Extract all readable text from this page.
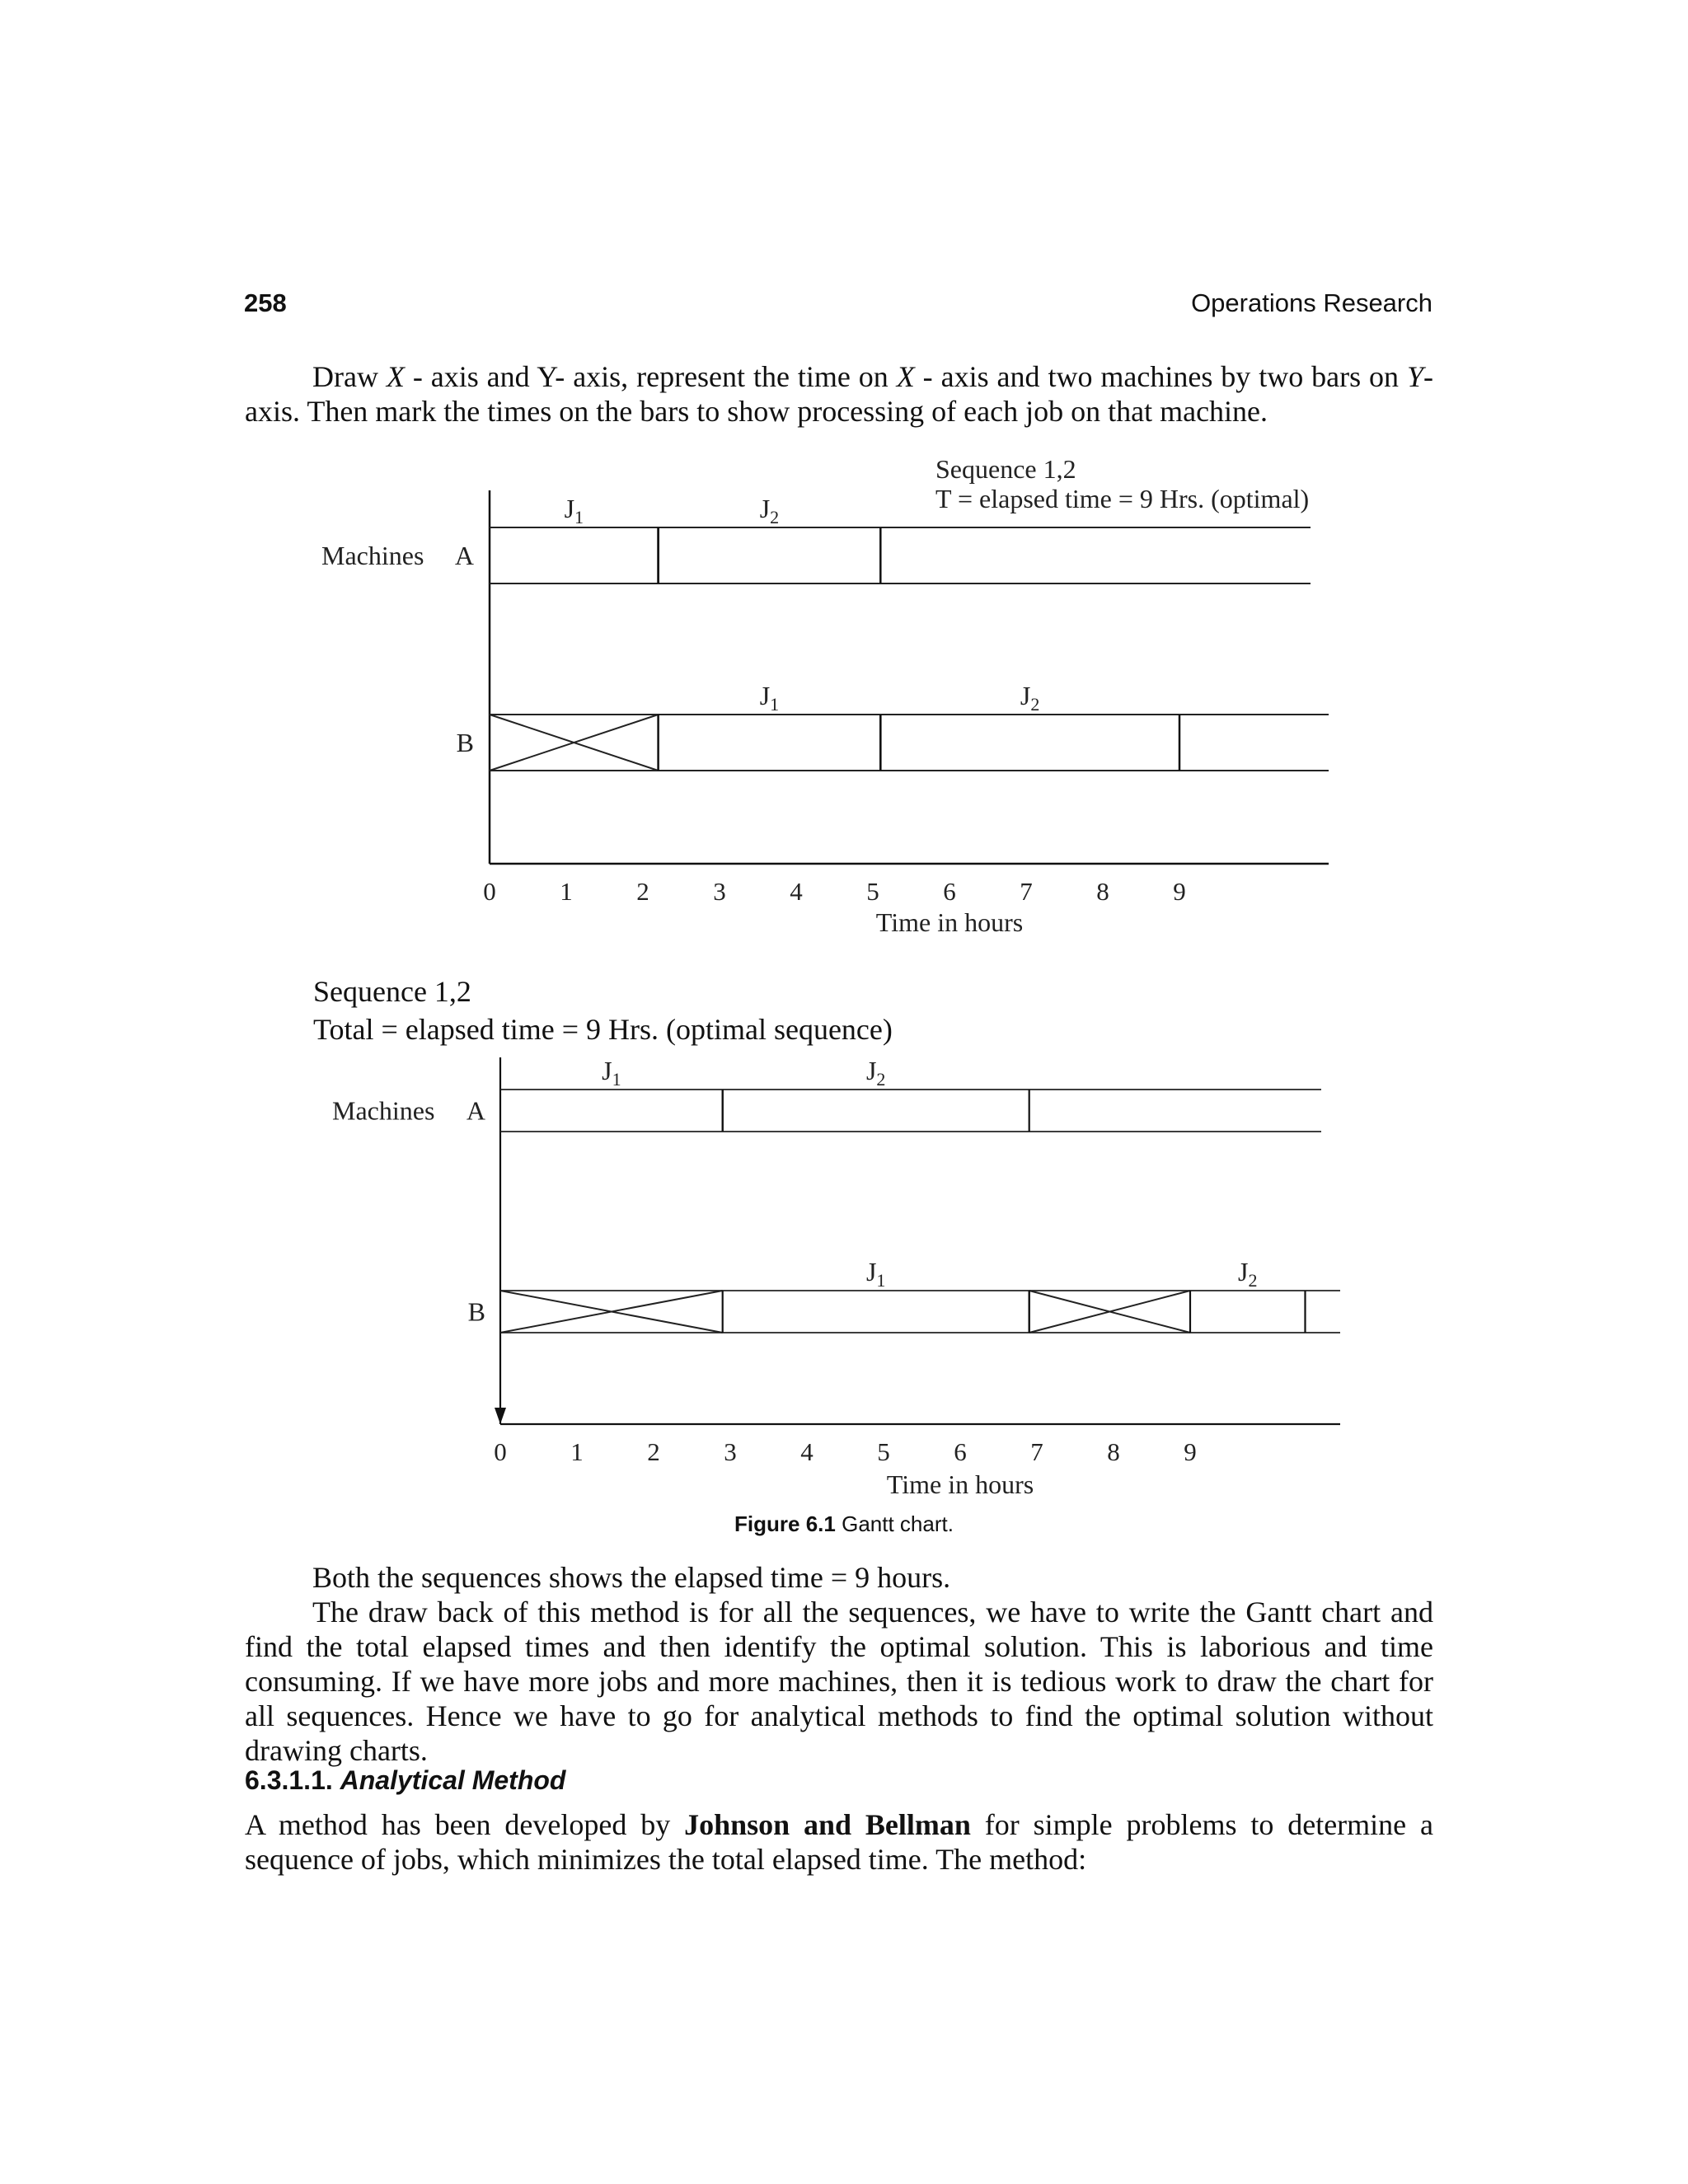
258	Operations Research
Draw X - axis and Y- axis, represent the time on X - axis and two machines by two bars on Y-
axis. Then mark the times on the bars to show processing of each job on that machine.
Sequence 1,2
T = elapsed time = 9 Hrs. (optimal)
Machines A
$J_1$	$J_2$
B
$J_1$	$J_2$
0	1	2	3	4	5	6	7	8	9
Time in hours
Sequence 1,2
Total = elapsed time = 9 Hrs. (optimal sequence)
Machines A
$J_1$	$J_2$
B
$J_1$	$J_2$
0	1	2	3	4	5	6	7	8	9
Time in hours
Figure 6.1 Gantt chart.
Both the sequences shows the elapsed time = 9 hours.
The draw back of this method is for all the sequences, we have to write the Gantt chart and find the total elapsed times and then identify the optimal solution. This is laborious and time consuming. If we have more jobs and more machines, then it is tedious work to draw the chart for all sequences. Hence we have to go for analytical methods to find the optimal solution without drawing charts.
6.3.1.1. Analytical Method
A method has been developed by Johnson and Bellman for simple problems to determine a sequence of jobs, which minimizes the total elapsed time. The method:
